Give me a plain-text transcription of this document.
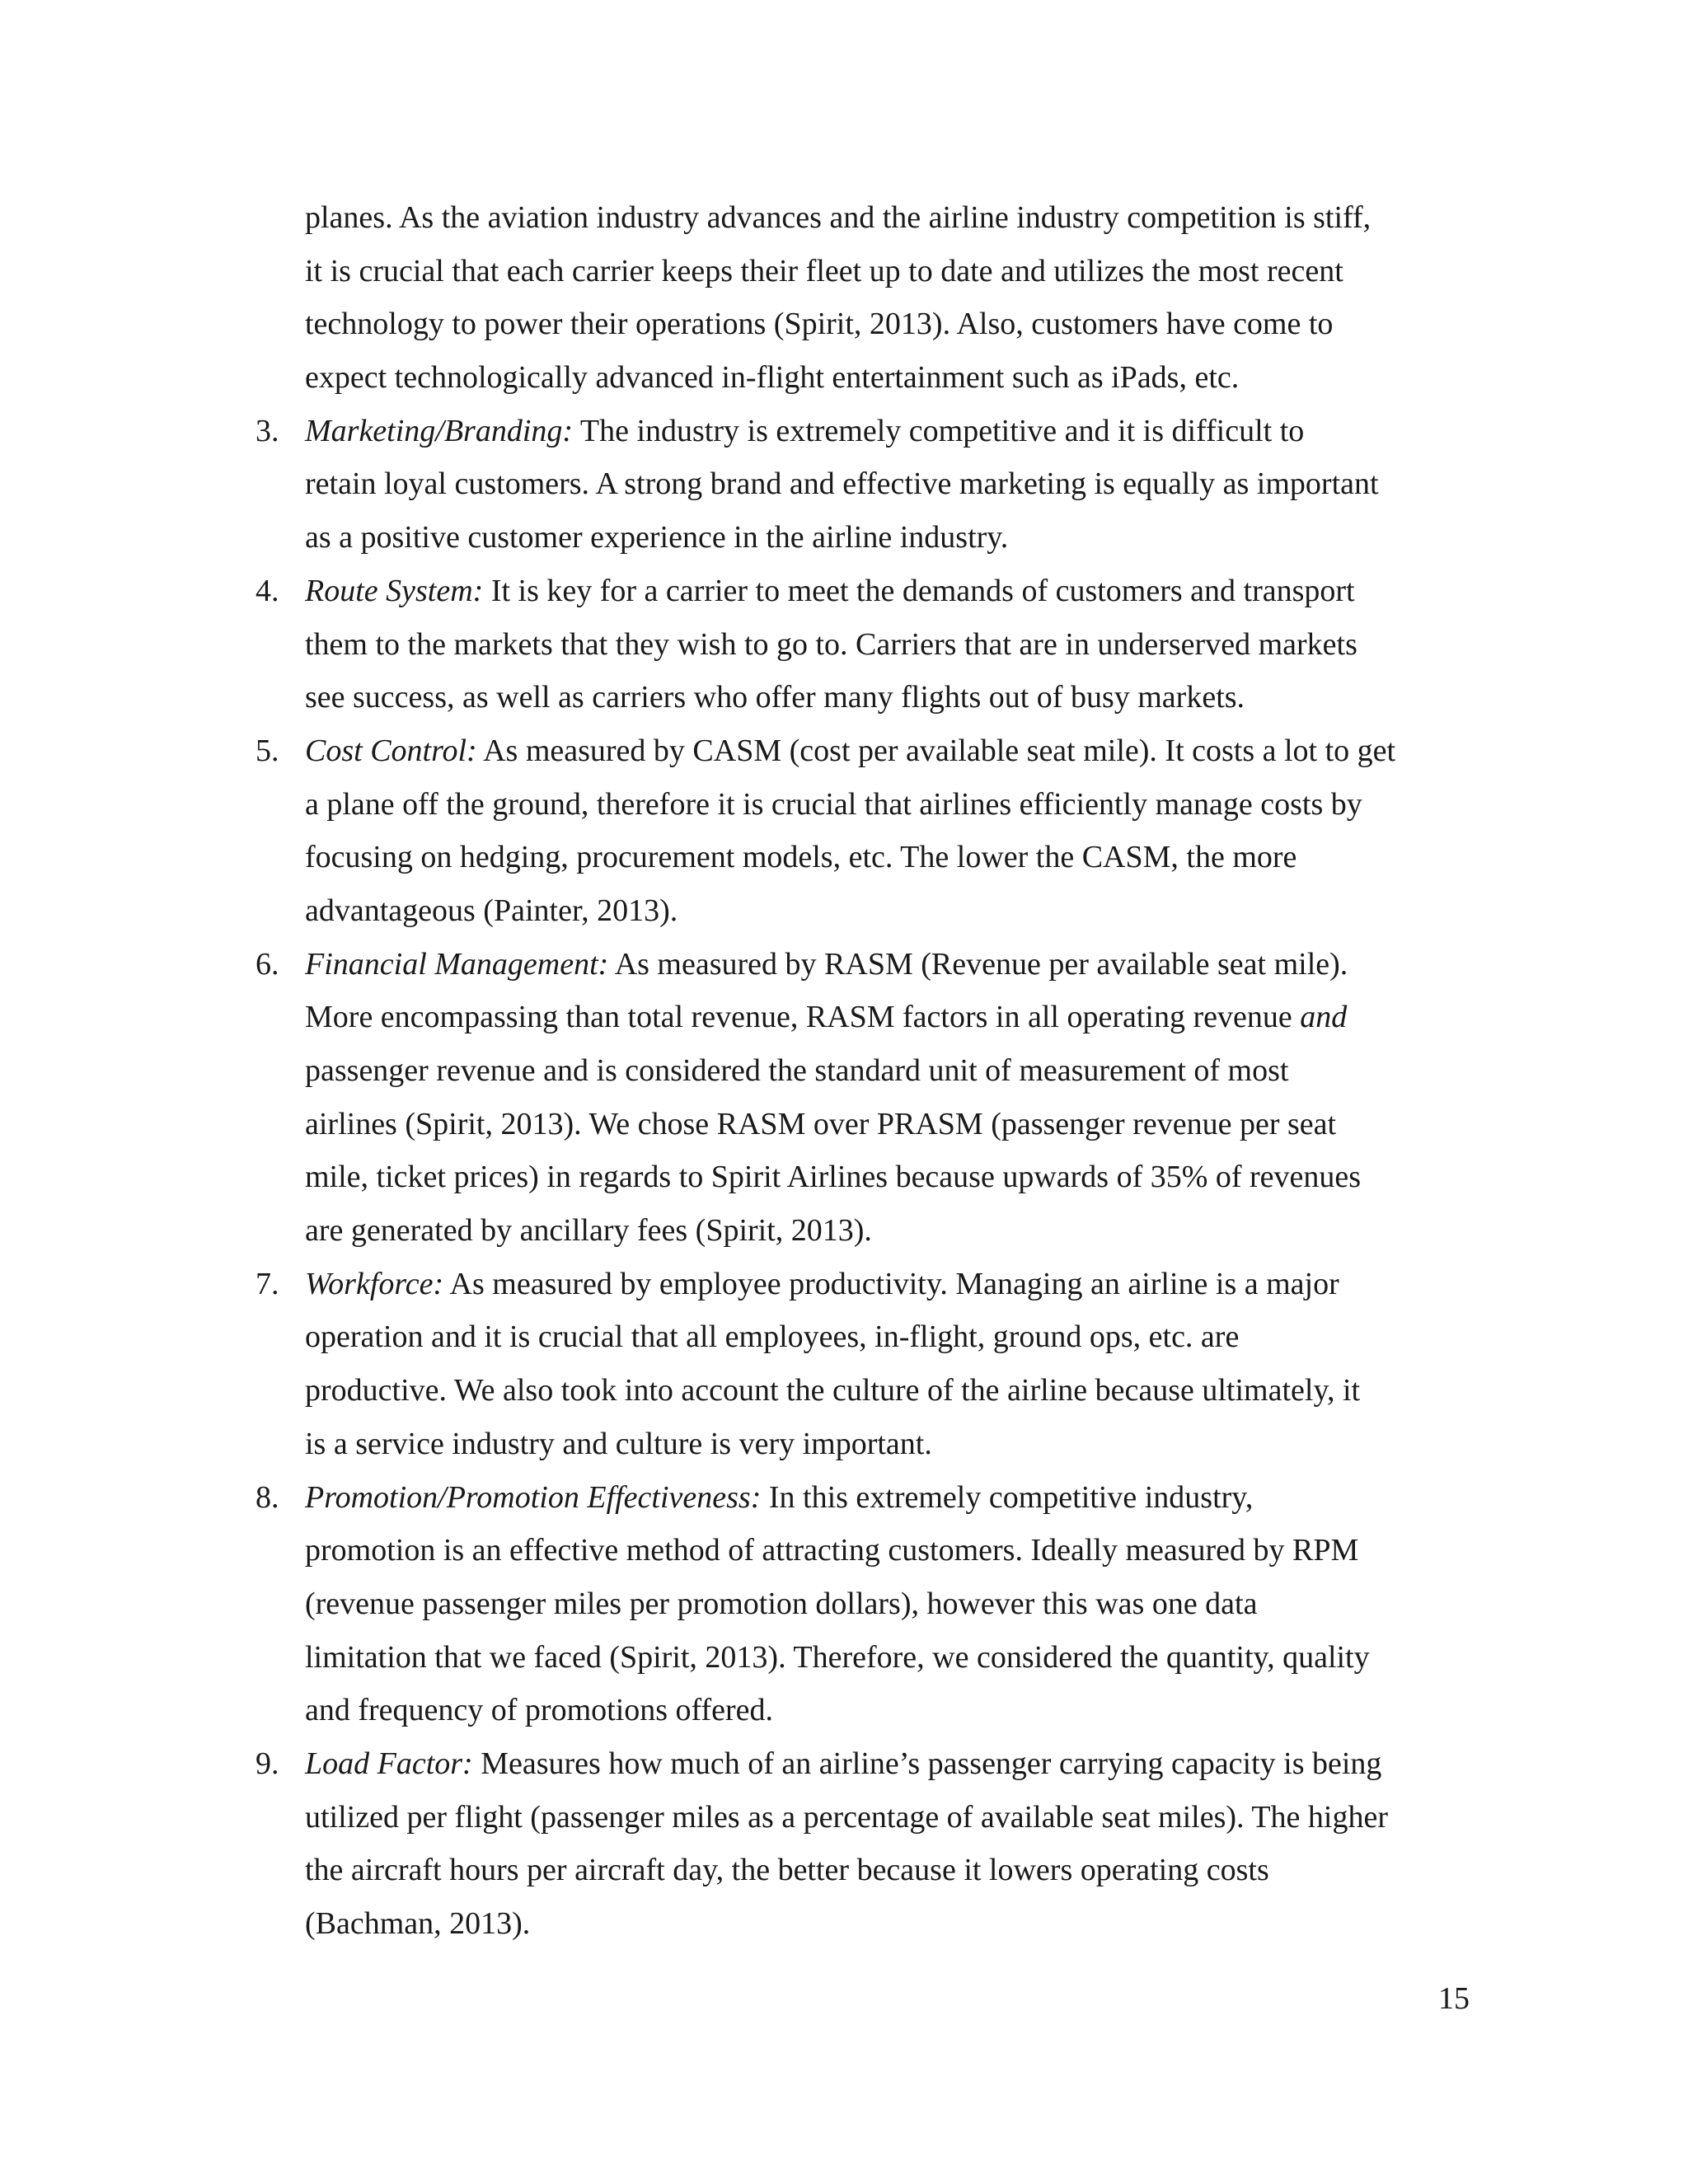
planes. As the aviation industry advances and the airline industry competition is stiff,
it is crucial that each carrier keeps their fleet up to date and utilizes the most recent
technology to power their operations (Spirit, 2013). Also, customers have come to
expect technologically advanced in-flight entertainment such as iPads, etc.
3. Marketing/Branding: The industry is extremely competitive and it is difficult to
retain loyal customers. A strong brand and effective marketing is equally as important
as a positive customer experience in the airline industry.
4. Route System: It is key for a carrier to meet the demands of customers and transport
them to the markets that they wish to go to. Carriers that are in underserved markets
see success, as well as carriers who offer many flights out of busy markets.
5. Cost Control: As measured by CASM (cost per available seat mile). It costs a lot to get
a plane off the ground, therefore it is crucial that airlines efficiently manage costs by
focusing on hedging, procurement models, etc. The lower the CASM, the more
advantageous (Painter, 2013).
6. Financial Management: As measured by RASM (Revenue per available seat mile).
More encompassing than total revenue, RASM factors in all operating revenue and
passenger revenue and is considered the standard unit of measurement of most
airlines (Spirit, 2013). We chose RASM over PRASM (passenger revenue per seat
mile, ticket prices) in regards to Spirit Airlines because upwards of 35% of revenues
are generated by ancillary fees (Spirit, 2013).
7. Workforce: As measured by employee productivity. Managing an airline is a major
operation and it is crucial that all employees, in-flight, ground ops, etc. are
productive. We also took into account the culture of the airline because ultimately, it
is a service industry and culture is very important.
8. Promotion/Promotion Effectiveness: In this extremely competitive industry,
promotion is an effective method of attracting customers. Ideally measured by RPM
(revenue passenger miles per promotion dollars), however this was one data
limitation that we faced (Spirit, 2013). Therefore, we considered the quantity, quality
and frequency of promotions offered.
9. Load Factor: Measures how much of an airline’s passenger carrying capacity is being
utilized per flight (passenger miles as a percentage of available seat miles). The higher
the aircraft hours per aircraft day, the better because it lowers operating costs
(Bachman, 2013).
15
